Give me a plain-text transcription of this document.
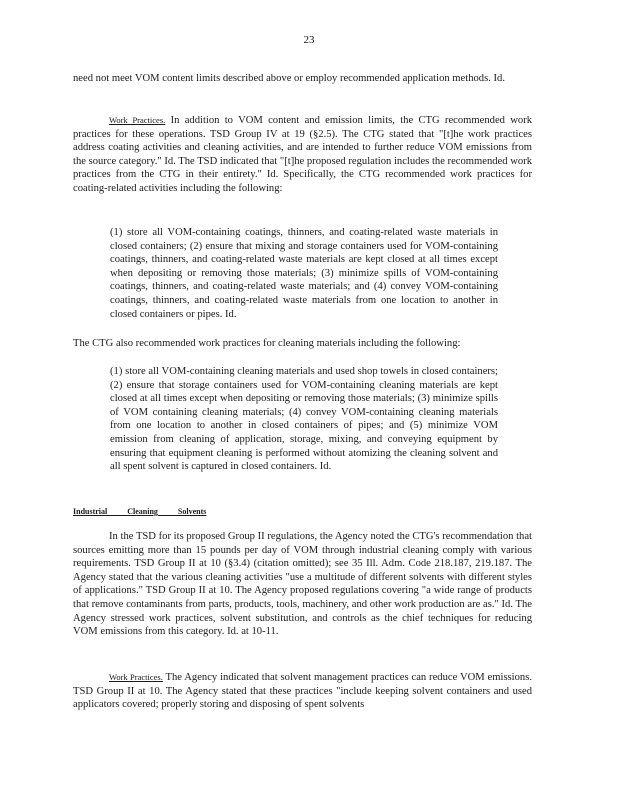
23
need not meet VOM content limits described above or employ recommended application methods. Id.
Work Practices. In addition to VOM content and emission limits, the CTG recommended work practices for these operations. TSD Group IV at 19 (§2.5). The CTG stated that "[t]he work practices address coating activities and cleaning activities, and are intended to further reduce VOM emissions from the source category." Id. The TSD indicated that "[t]he proposed regulation includes the recommended work practices from the CTG in their entirety." Id. Specifically, the CTG recommended work practices for coating-related activities including the following:
(1) store all VOM-containing coatings, thinners, and coating-related waste materials in closed containers; (2) ensure that mixing and storage containers used for VOM-containing coatings, thinners, and coating-related waste materials are kept closed at all times except when depositing or removing those materials; (3) minimize spills of VOM-containing coatings, thinners, and coating-related waste materials; and (4) convey VOM-containing coatings, thinners, and coating-related waste materials from one location to another in closed containers or pipes. Id.
The CTG also recommended work practices for cleaning materials including the following:
(1) store all VOM-containing cleaning materials and used shop towels in closed containers; (2) ensure that storage containers used for VOM-containing cleaning materials are kept closed at all times except when depositing or removing those materials; (3) minimize spills of VOM containing cleaning materials; (4) convey VOM-containing cleaning materials from one location to another in closed containers of pipes; and (5) minimize VOM emission from cleaning of application, storage, mixing, and conveying equipment by ensuring that equipment cleaning is performed without atomizing the cleaning solvent and all spent solvent is captured in closed containers. Id.
Industrial Cleaning Solvents
In the TSD for its proposed Group II regulations, the Agency noted the CTG's recommendation that sources emitting more than 15 pounds per day of VOM through industrial cleaning comply with various requirements. TSD Group II at 10 (§3.4) (citation omitted); see 35 Ill. Adm. Code 218.187, 219.187. The Agency stated that the various cleaning activities "use a multitude of different solvents with different styles of applications." TSD Group II at 10. The Agency proposed regulations covering "a wide range of products that remove contaminants from parts, products, tools, machinery, and other work production are as." Id. The Agency stressed work practices, solvent substitution, and controls as the chief techniques for reducing VOM emissions from this category. Id. at 10-11.
Work Practices. The Agency indicated that solvent management practices can reduce VOM emissions. TSD Group II at 10. The Agency stated that these practices "include keeping solvent containers and used applicators covered; properly storing and disposing of spent solvents
